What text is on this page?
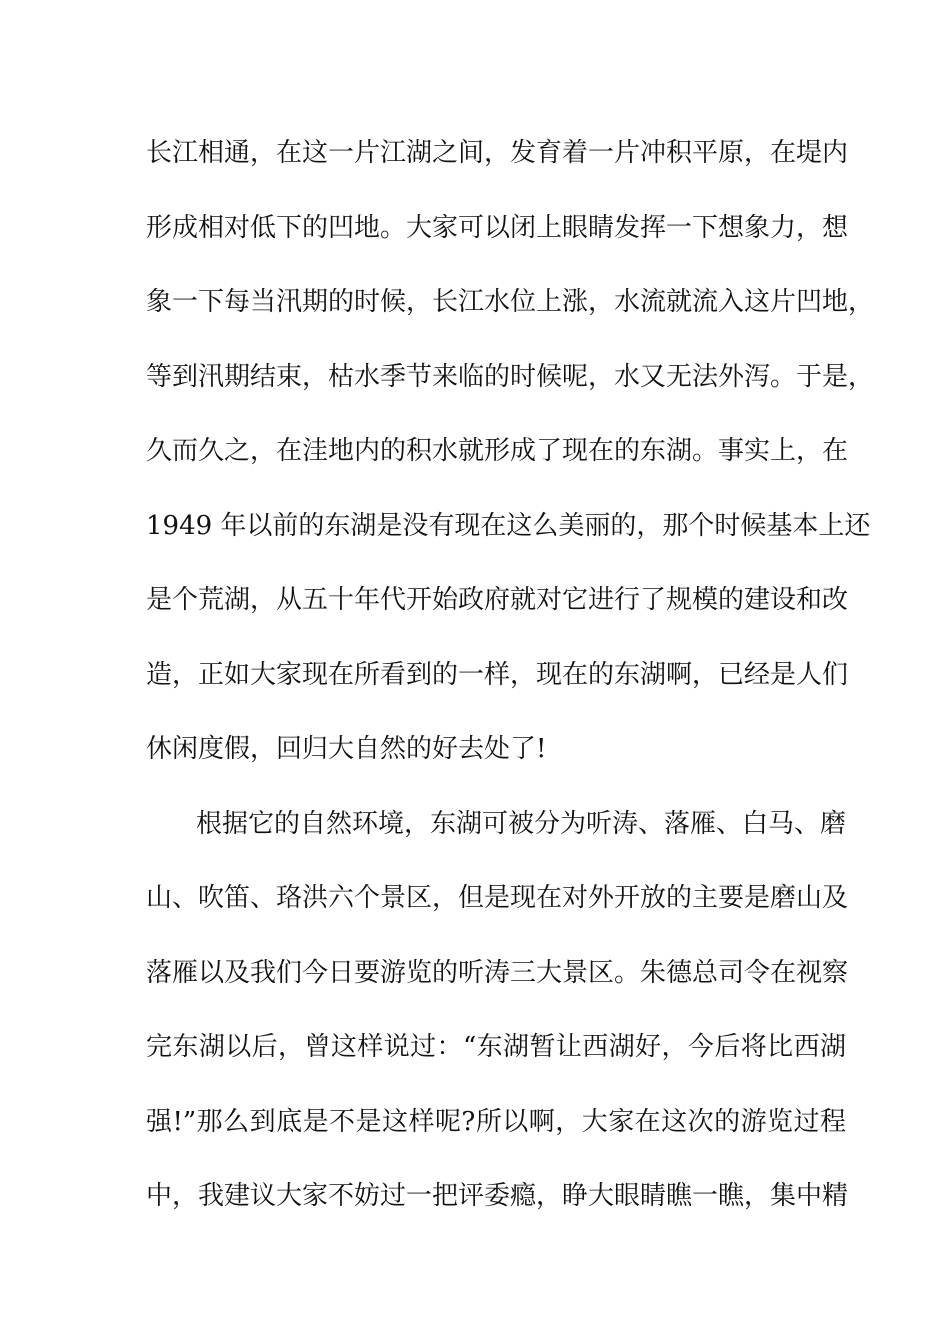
长江相通，在这一片江湖之间，发育着一片冲积平原，在堤内
形成相对低下的凹地。大家可以闭上眼睛发挥一下想象力，想
象一下每当汛期的时候，长江水位上涨，水流就流入这片凹地，
等到汛期结束，枯水季节来临的时候呢，水又无法外泻。于是，
久而久之，在洼地内的积水就形成了现在的东湖。事实上，在
1949 年以前的东湖是没有现在这么美丽的，那个时候基本上还
是个荒湖，从五十年代开始政府就对它进行了规模的建设和改
造，正如大家现在所看到的一样，现在的东湖啊，已经是人们
休闲度假，回归大自然的好去处了!
根据它的自然环境，东湖可被分为听涛、落雁、白马、磨
山、吹笛、珞洪六个景区，但是现在对外开放的主要是磨山及
落雁以及我们今日要游览的听涛三大景区。朱德总司令在视察
完东湖以后，曾这样说过：“东湖暂让西湖好，今后将比西湖
强!”那么到底是不是这样呢?所以啊，大家在这次的游览过程
中，我建议大家不妨过一把评委瘾，睁大眼睛瞧一瞧，集中精
